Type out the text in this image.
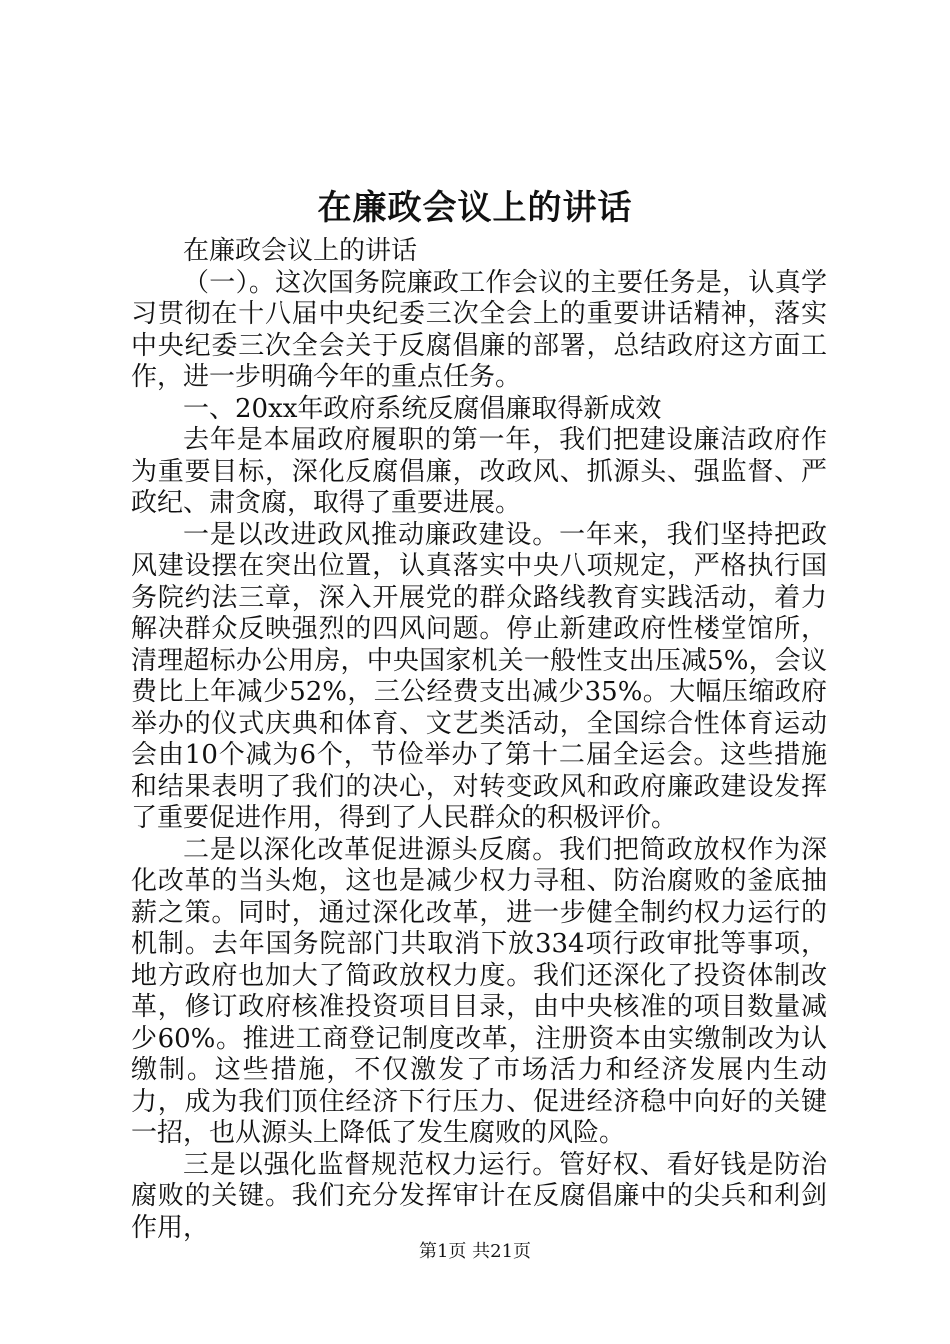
在廉政会议上的讲话

在廉政会议上的讲话

（一）。这次国务院廉政工作会议的主要任务是，认真学习贯彻在十八届中央纪委三次全会上的重要讲话精神，落实中央纪委三次全会关于反腐倡廉的部署，总结政府这方面工作，进一步明确今年的重点任务。

一、20xx年政府系统反腐倡廉取得新成效

去年是本届政府履职的第一年，我们把建设廉洁政府作为重要目标，深化反腐倡廉，改政风、抓源头、强监督、严政纪、肃贪腐，取得了重要进展。

一是以改进政风推动廉政建设。一年来，我们坚持把政风建设摆在突出位置，认真落实中央八项规定，严格执行国务院约法三章，深入开展党的群众路线教育实践活动，着力解决群众反映强烈的四风问题。停止新建政府性楼堂馆所，清理超标办公用房，中央国家机关一般性支出压减5%，会议费比上年减少52%，三公经费支出减少35%。大幅压缩政府举办的仪式庆典和体育、文艺类活动，全国综合性体育运动会由10个减为6个，节俭举办了第十二届全运会。这些措施和结果表明了我们的决心，对转变政风和政府廉政建设发挥了重要促进作用，得到了人民群众的积极评价。

二是以深化改革促进源头反腐。我们把简政放权作为深化改革的当头炮，这也是减少权力寻租、防治腐败的釜底抽薪之策。同时，通过深化改革，进一步健全制约权力运行的机制。去年国务院部门共取消下放334项行政审批等事项，地方政府也加大了简政放权力度。我们还深化了投资体制改革，修订政府核准投资项目目录，由中央核准的项目数量减少60%。推进工商登记制度改革，注册资本由实缴制改为认缴制。这些措施，不仅激发了市场活力和经济发展内生动力，成为我们顶住经济下行压力、促进经济稳中向好的关键一招，也从源头上降低了发生腐败的风险。

三是以强化监督规范权力运行。管好权、看好钱是防治腐败的关键。我们充分发挥审计在反腐倡廉中的尖兵和利剑作用，

第1页 共21页
